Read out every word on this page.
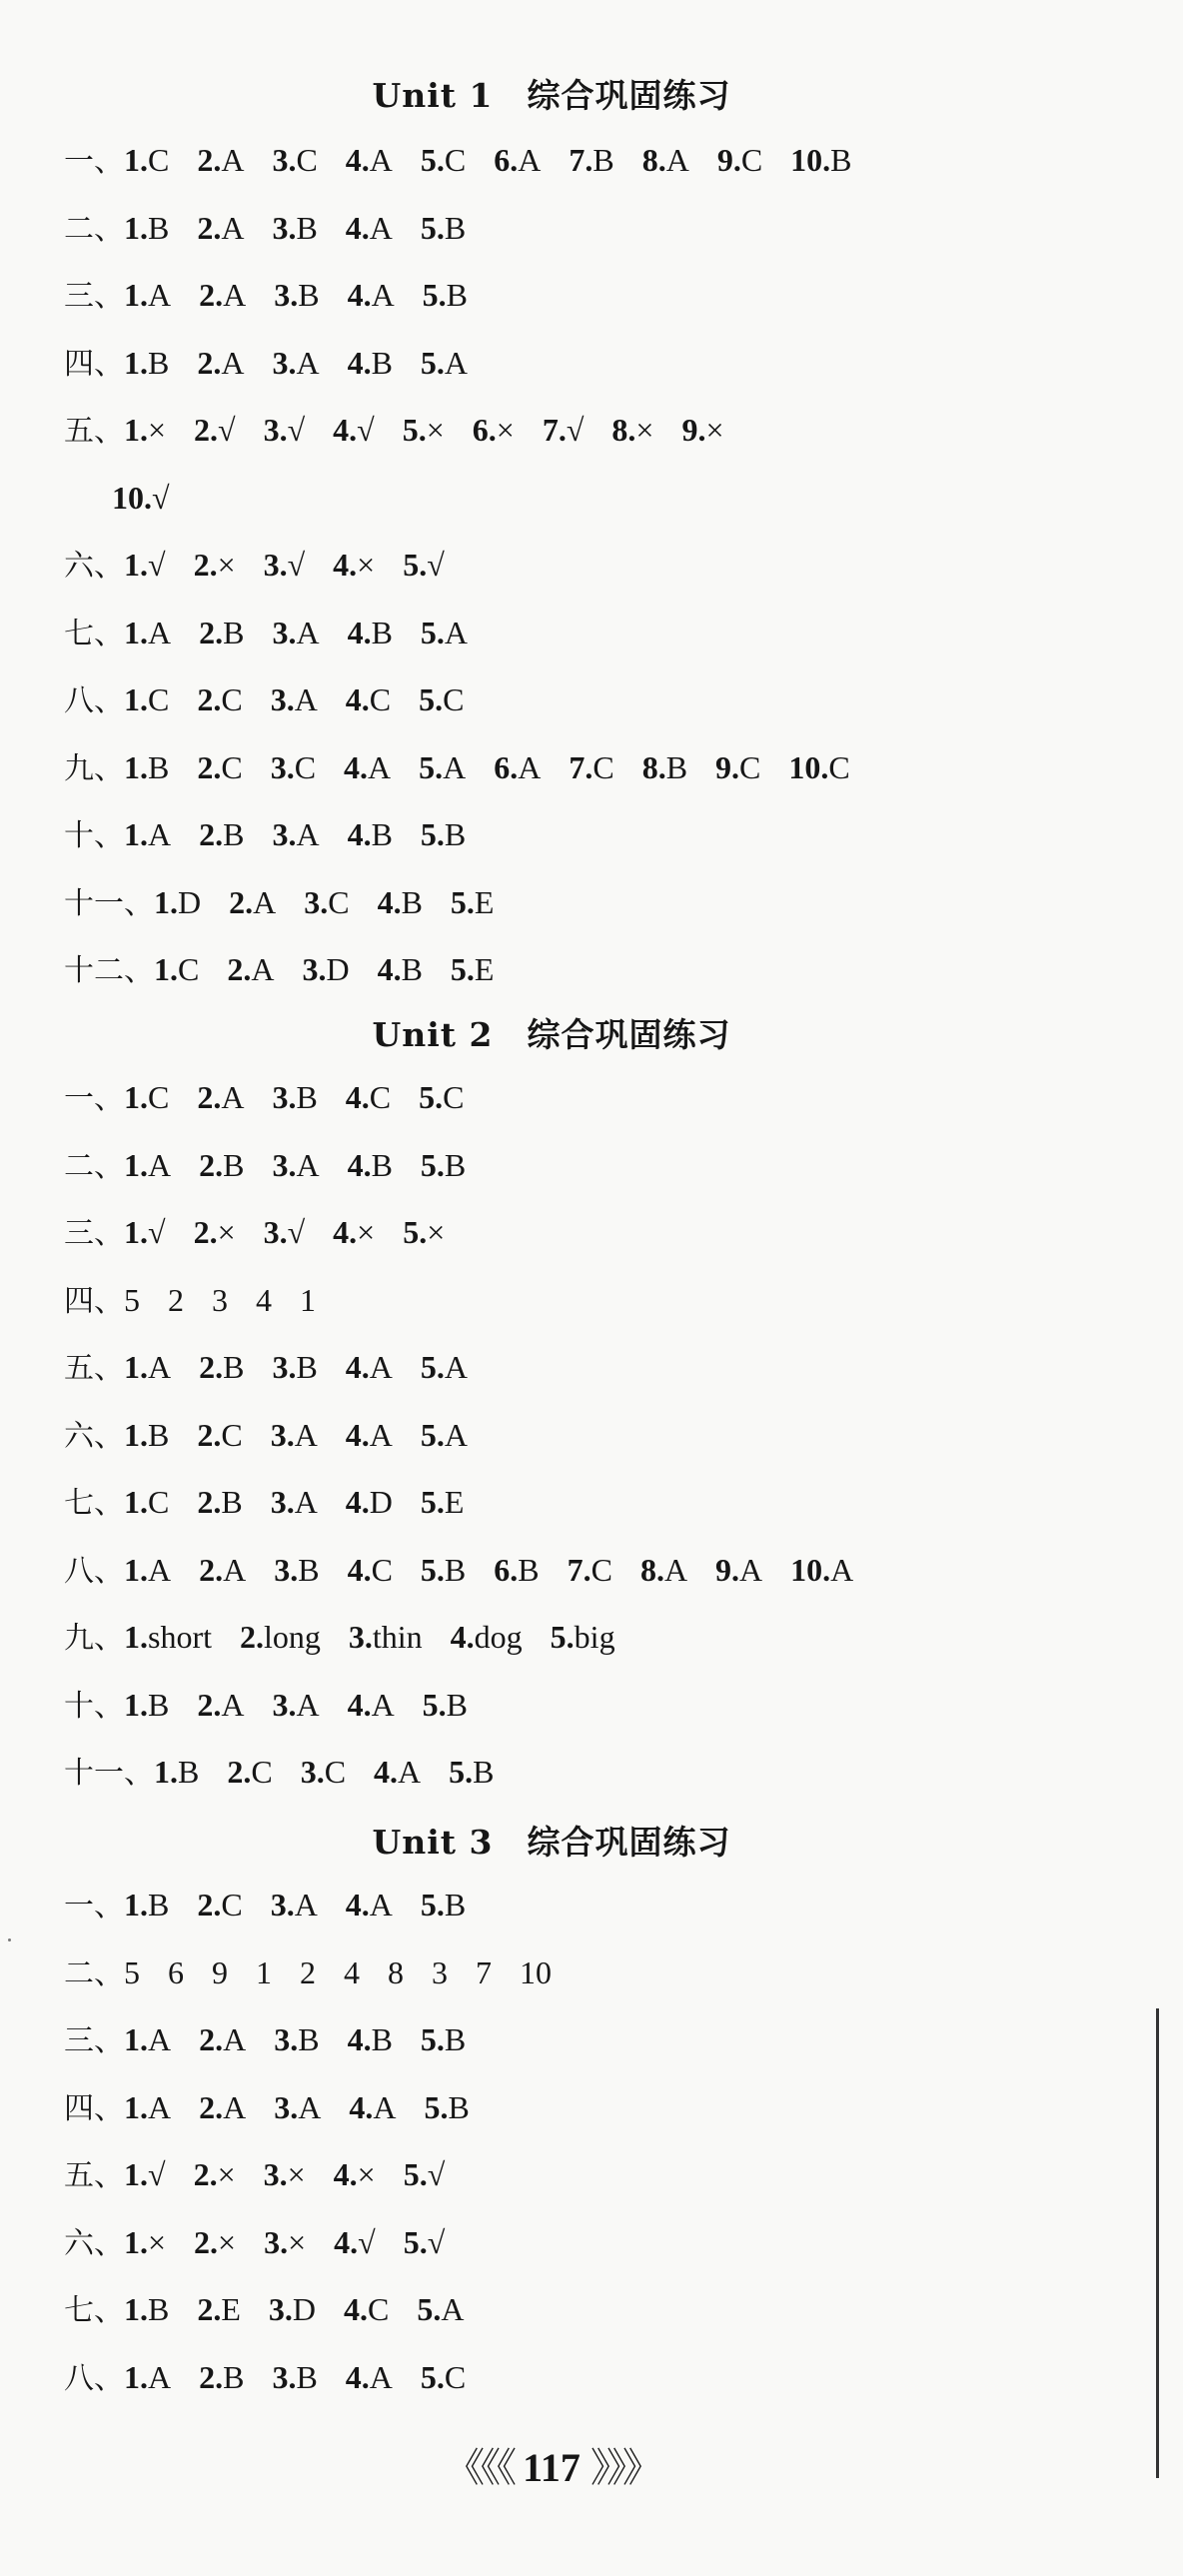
Unit 1　综合巩固练习
一、1.C 2.A 3.C 4.A 5.C 6.A 7.B 8.A 9.C 10.B
二、1.B 2.A 3.B 4.A 5.B
三、1.A 2.A 3.B 4.A 5.B
四、1.B 2.A 3.A 4.B 5.A
五、1.× 2.√ 3.√ 4.√ 5.× 6.× 7.√ 8.× 9.×
10.√
六、1.√ 2.× 3.√ 4.× 5.√
七、1.A 2.B 3.A 4.B 5.A
八、1.C 2.C 3.A 4.C 5.C
九、1.B 2.C 3.C 4.A 5.A 6.A 7.C 8.B 9.C 10.C
十、1.A 2.B 3.A 4.B 5.B
十一、1.D 2.A 3.C 4.B 5.E
十二、1.C 2.A 3.D 4.B 5.E
Unit 2　综合巩固练习
一、1.C 2.A 3.B 4.C 5.C
二、1.A 2.B 3.A 4.B 5.B
三、1.√ 2.× 3.√ 4.× 5.×
四、5 2 3 4 1
五、1.A 2.B 3.B 4.A 5.A
六、1.B 2.C 3.A 4.A 5.A
七、1.C 2.B 3.A 4.D 5.E
八、1.A 2.A 3.B 4.C 5.B 6.B 7.C 8.A 9.A 10.A
九、1.short 2.long 3.thin 4.dog 5.big
十、1.B 2.A 3.A 4.A 5.B
十一、1.B 2.C 3.C 4.A 5.B
Unit 3　综合巩固练习
一、1.B 2.C 3.A 4.A 5.B
二、5 6 9 1 2 4 8 3 7 10
三、1.A 2.A 3.B 4.B 5.B
四、1.A 2.A 3.A 4.A 5.B
五、1.√ 2.× 3.× 4.× 5.√
六、1.× 2.× 3.× 4.√ 5.√
七、1.B 2.E 3.D 4.C 5.A
八、1.A 2.B 3.B 4.A 5.C
《《《 117 》》》
